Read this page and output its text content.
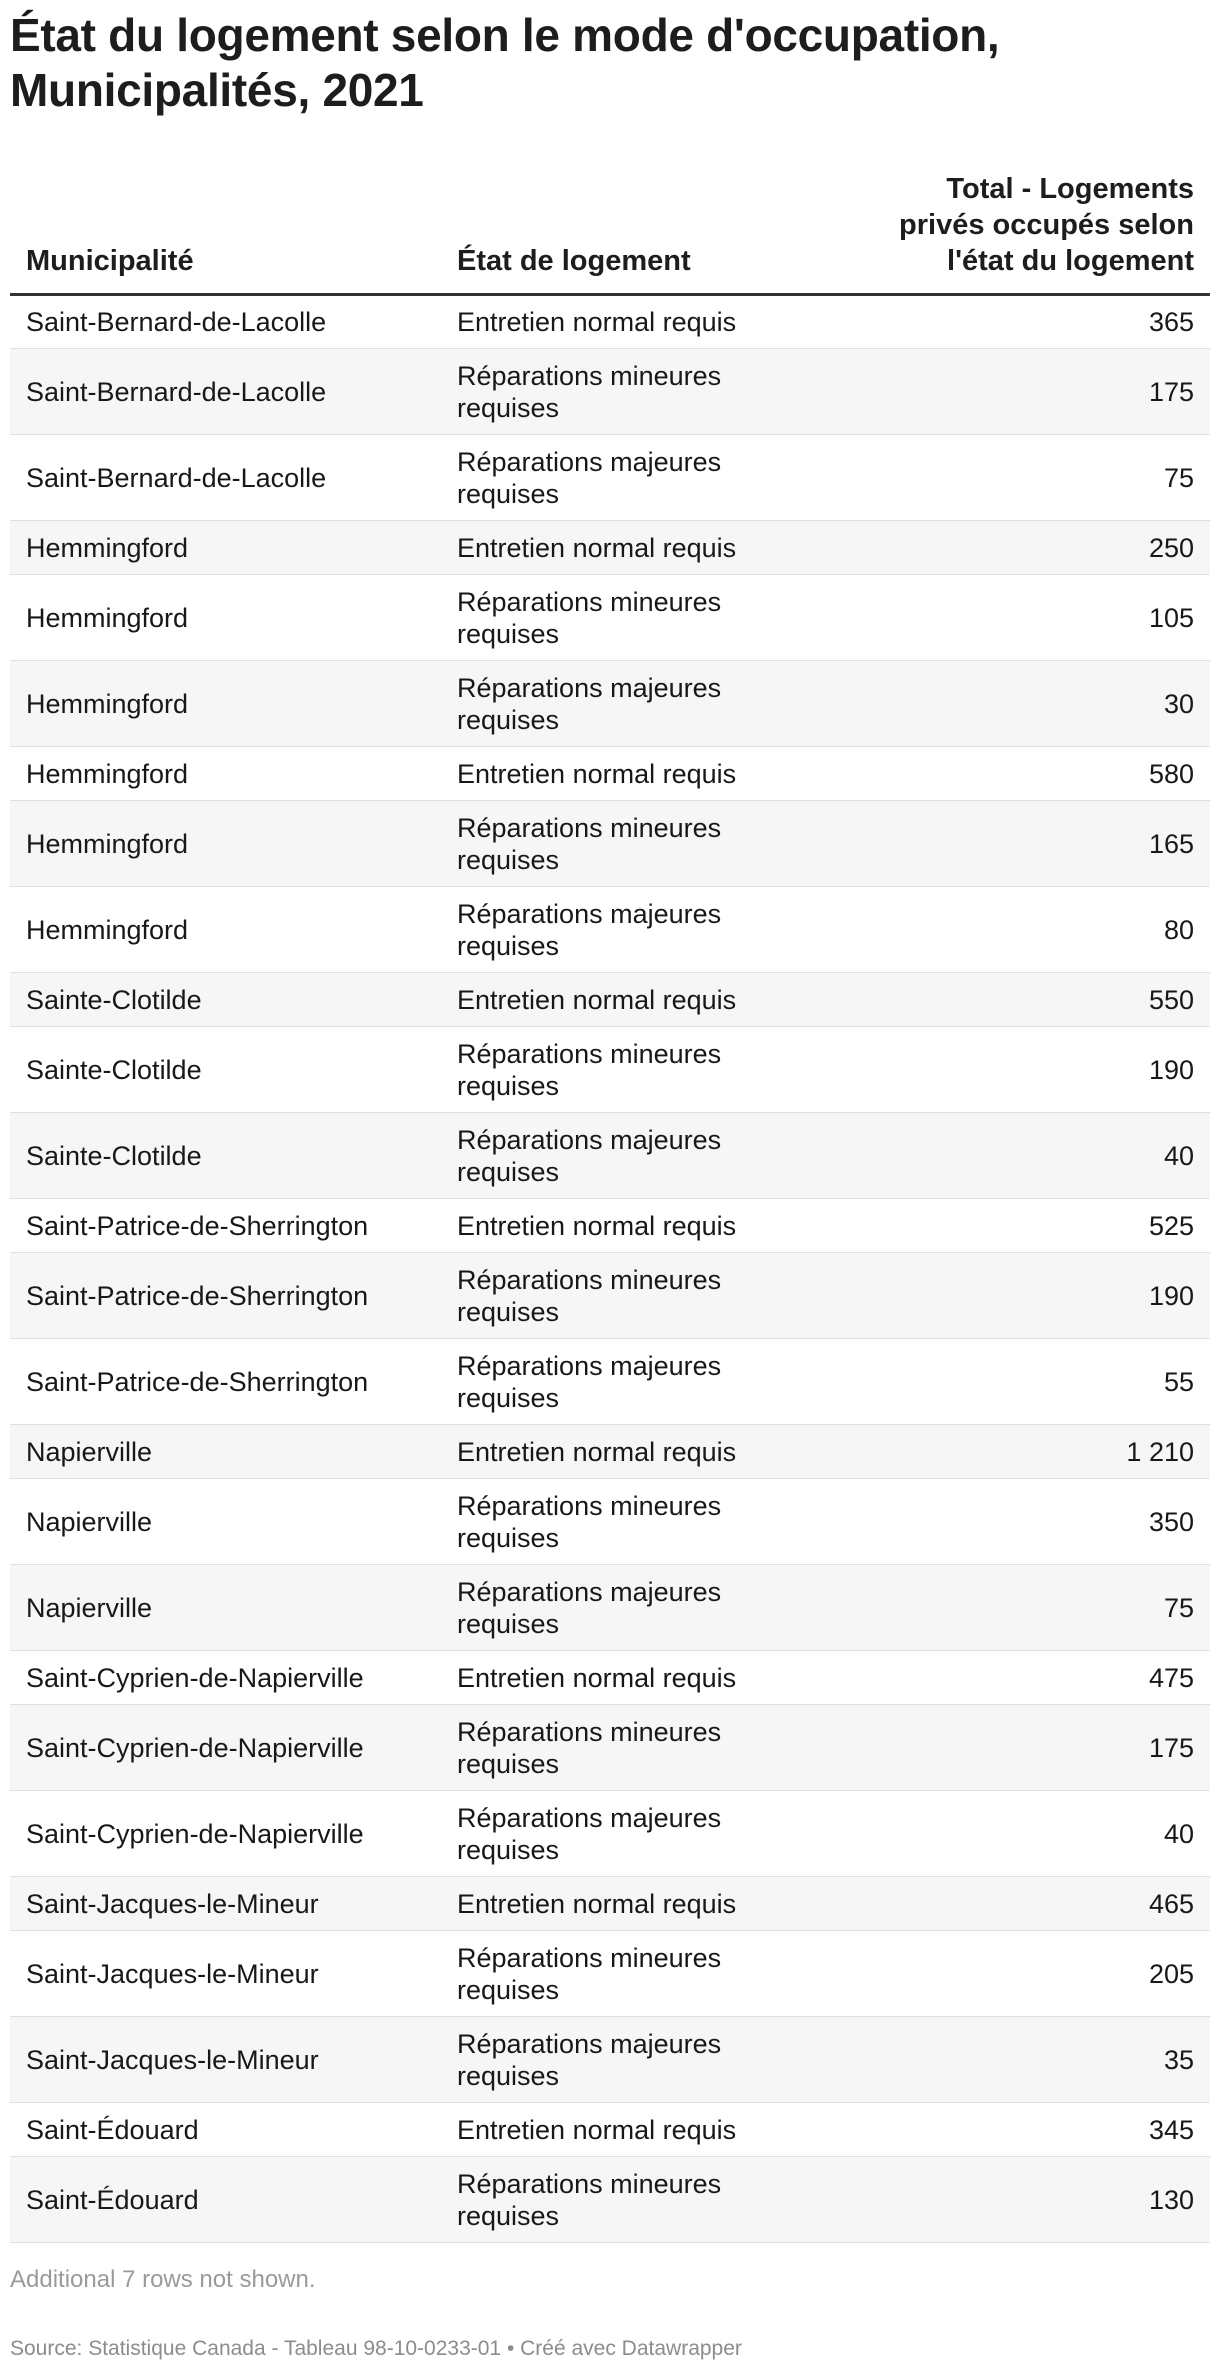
État du logement selon le mode d'occupation, Municipalités, 2021
Municipalité	État de logement	Total - Logements privés occupés selon l'état du logement
Saint-Bernard-de-Lacolle	Entretien normal requis	365
Saint-Bernard-de-Lacolle	Réparations mineures requises	175
Saint-Bernard-de-Lacolle	Réparations majeures requises	75
Hemmingford	Entretien normal requis	250
Hemmingford	Réparations mineures requises	105
Hemmingford	Réparations majeures requises	30
Hemmingford	Entretien normal requis	580
Hemmingford	Réparations mineures requises	165
Hemmingford	Réparations majeures requises	80
Sainte-Clotilde	Entretien normal requis	550
Sainte-Clotilde	Réparations mineures requises	190
Sainte-Clotilde	Réparations majeures requises	40
Saint-Patrice-de-Sherrington	Entretien normal requis	525
Saint-Patrice-de-Sherrington	Réparations mineures requises	190
Saint-Patrice-de-Sherrington	Réparations majeures requises	55
Napierville	Entretien normal requis	1 210
Napierville	Réparations mineures requises	350
Napierville	Réparations majeures requises	75
Saint-Cyprien-de-Napierville	Entretien normal requis	475
Saint-Cyprien-de-Napierville	Réparations mineures requises	175
Saint-Cyprien-de-Napierville	Réparations majeures requises	40
Saint-Jacques-le-Mineur	Entretien normal requis	465
Saint-Jacques-le-Mineur	Réparations mineures requises	205
Saint-Jacques-le-Mineur	Réparations majeures requises	35
Saint-Édouard	Entretien normal requis	345
Saint-Édouard	Réparations mineures requises	130
Additional 7 rows not shown.
Source: Statistique Canada - Tableau 98-10-0233-01 • Créé avec Datawrapper
